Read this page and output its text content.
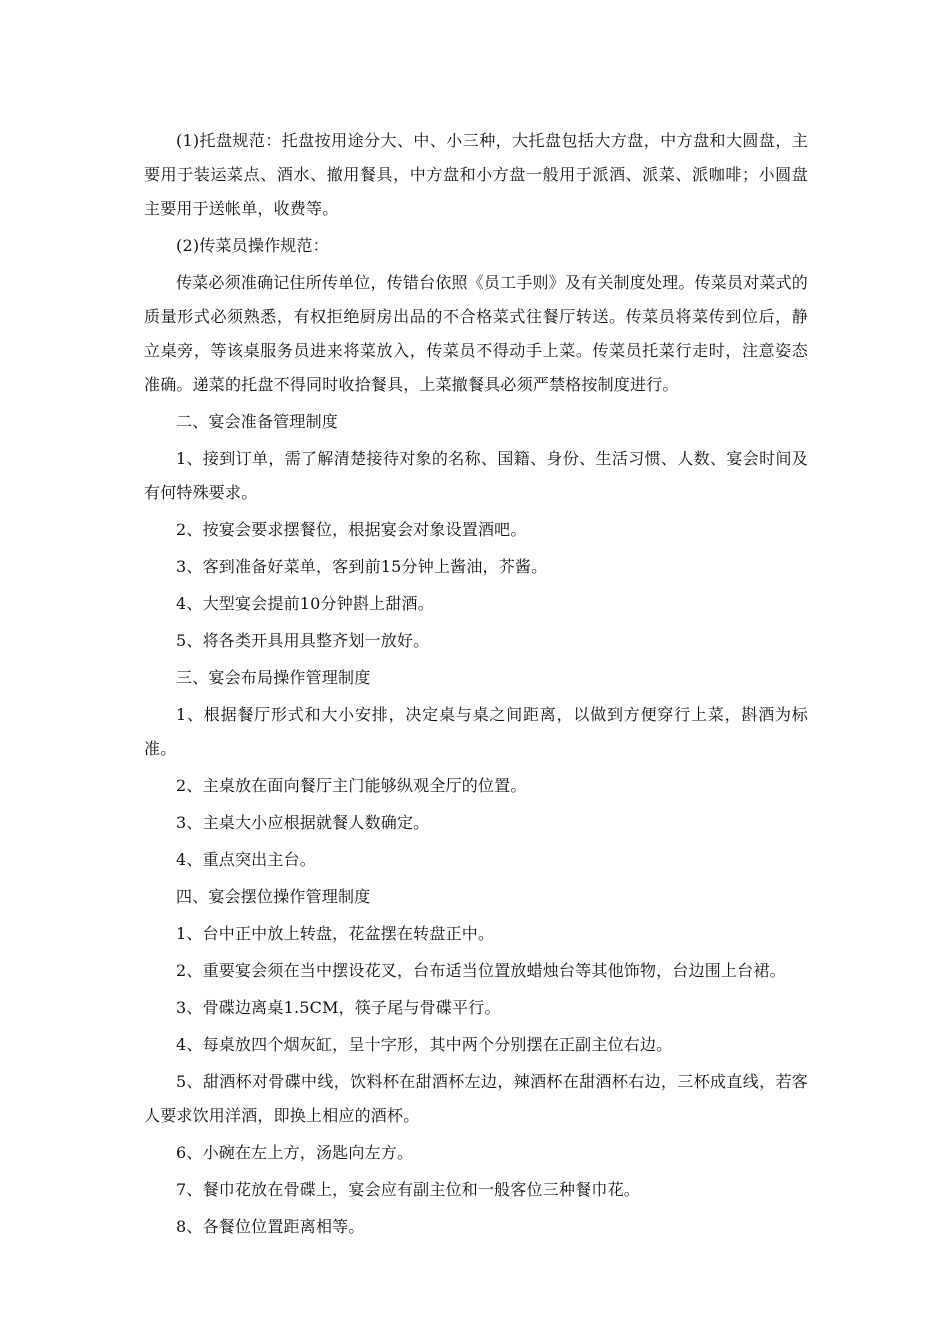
(1)托盘规范：托盘按用途分大、中、小三种，大托盘包括大方盘，中方盘和大圆盘，主要用于装运菜点、酒水、撤用餐具，中方盘和小方盘一般用于派酒、派菜、派咖啡；小圆盘主要用于送帐单，收费等。

(2)传菜员操作规范：

传菜必须准确记住所传单位，传错台依照《员工手则》及有关制度处理。传菜员对菜式的质量形式必须熟悉，有权拒绝厨房出品的不合格菜式往餐厅转送。传菜员将菜传到位后，静立桌旁，等该桌服务员进来将菜放入，传菜员不得动手上菜。传菜员托菜行走时，注意姿态准确。递菜的托盘不得同时收拾餐具，上菜撤餐具必须严禁格按制度进行。

二、宴会准备管理制度

1、接到订单，需了解清楚接待对象的名称、国籍、身份、生活习惯、人数、宴会时间及有何特殊要求。

2、按宴会要求摆餐位，根据宴会对象设置酒吧。

3、客到准备好菜单，客到前15分钟上酱油，芥酱。

4、大型宴会提前10分钟斟上甜酒。

5、将各类开具用具整齐划一放好。

三、宴会布局操作管理制度

1、根据餐厅形式和大小安排，决定桌与桌之间距离，以做到方便穿行上菜，斟酒为标准。

2、主桌放在面向餐厅主门能够纵观全厅的位置。

3、主桌大小应根据就餐人数确定。

4、重点突出主台。

四、宴会摆位操作管理制度

1、台中正中放上转盘，花盆摆在转盘正中。

2、重要宴会须在当中摆设花叉，台布适当位置放蜡烛台等其他饰物，台边围上台裙。

3、骨碟边离桌1.5CM，筷子尾与骨碟平行。

4、每桌放四个烟灰缸，呈十字形，其中两个分别摆在正副主位右边。

5、甜酒杯对骨碟中线，饮料杯在甜酒杯左边，辣酒杯在甜酒杯右边，三杯成直线，若客人要求饮用洋酒，即换上相应的酒杯。

6、小碗在左上方，汤匙向左方。

7、餐巾花放在骨碟上，宴会应有副主位和一般客位三种餐巾花。

8、各餐位位置距离相等。
